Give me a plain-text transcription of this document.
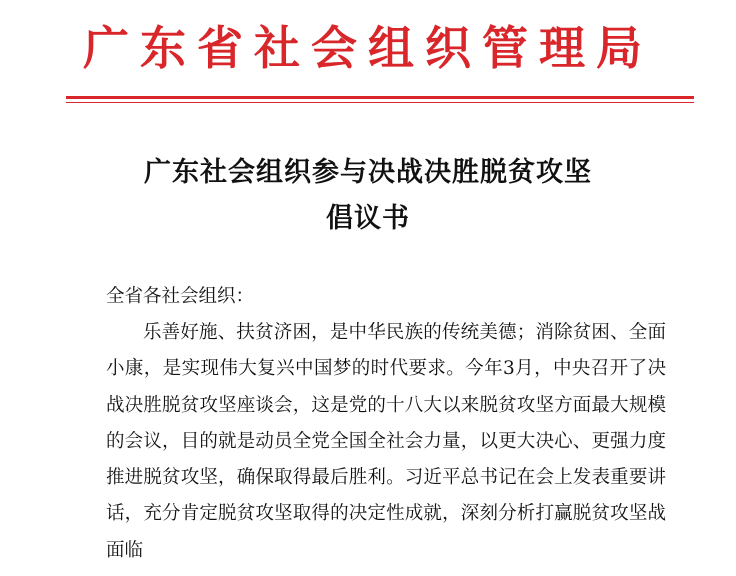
广东省社会组织管理局
广东社会组织参与决战决胜脱贫攻坚
倡议书
全省各社会组织：
乐善好施、扶贫济困，是中华民族的传统美德；消除贫困、全面小康，是实现伟大复兴中国梦的时代要求。今年3月，中央召开了决战决胜脱贫攻坚座谈会，这是党的十八大以来脱贫攻坚方面最大规模的会议，目的就是动员全党全国全社会力量，以更大决心、更强力度推进脱贫攻坚，确保取得最后胜利。习近平总书记在会上发表重要讲话，充分肯定脱贫攻坚取得的决定性成就，深刻分析打赢脱贫攻坚战面临
